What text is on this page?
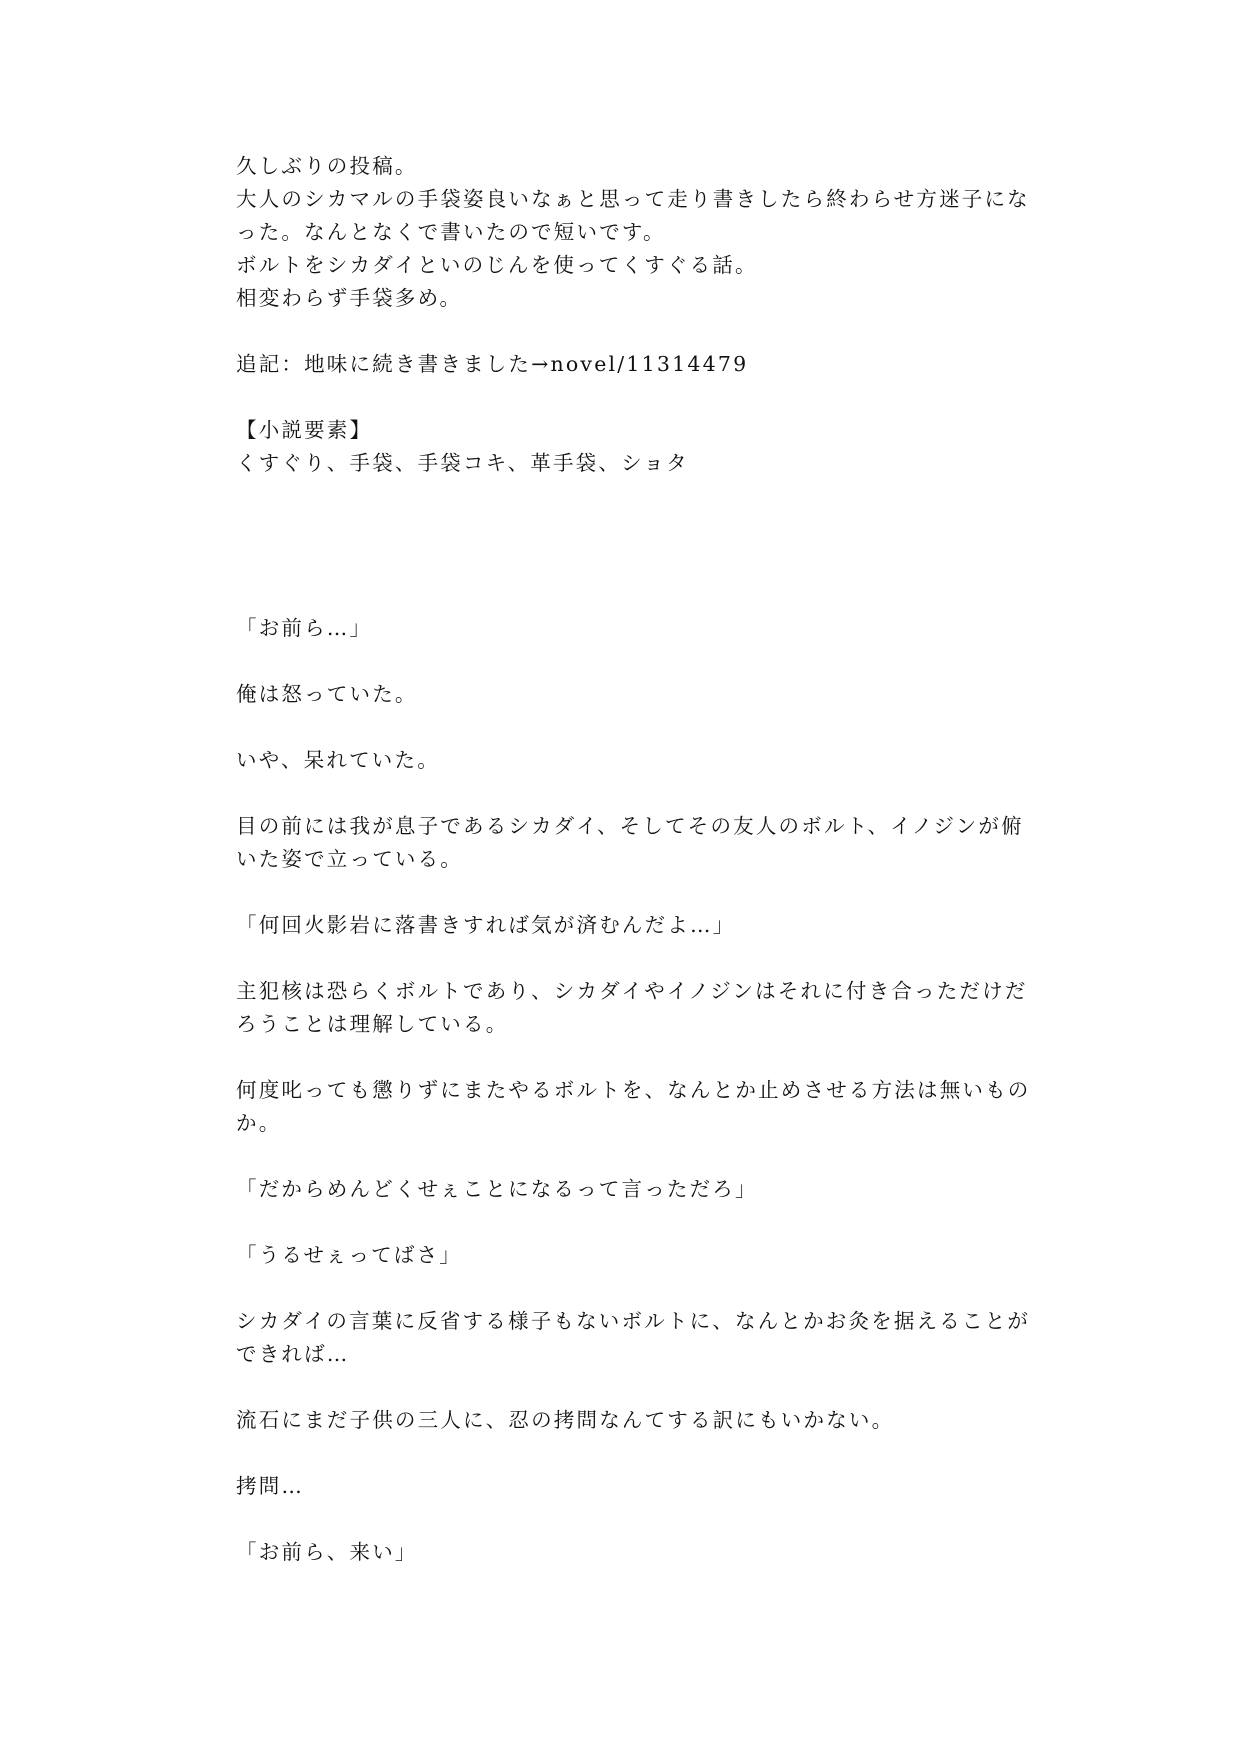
久しぶりの投稿。

大人のシカマルの手袋姿良いなぁと思って走り書きしたら終わらせ方迷子にな

った。なんとなくで書いたので短いです。

ボルトをシカダイといのじんを使ってくすぐる話。

相変わらず手袋多め。

追記：地味に続き書きました→novel/11314479

【小説要素】

くすぐり、手袋、手袋コキ、革手袋、ショタ

「お前ら…」

俺は怒っていた。

いや、呆れていた。

目の前には我が息子であるシカダイ、そしてその友人のボルト、イノジンが俯

いた姿で立っている。

「何回火影岩に落書きすれば気が済むんだよ…」

主犯核は恐らくボルトであり、シカダイやイノジンはそれに付き合っただけだ

ろうことは理解している。

何度叱っても懲りずにまたやるボルトを、なんとか止めさせる方法は無いもの

か。

「だからめんどくせぇことになるって言っただろ」

「うるせぇってばさ」

シカダイの言葉に反省する様子もないボルトに、なんとかお灸を据えることが

できれば…

流石にまだ子供の三人に、忍の拷問なんてする訳にもいかない。

拷問…

「お前ら、来い」
